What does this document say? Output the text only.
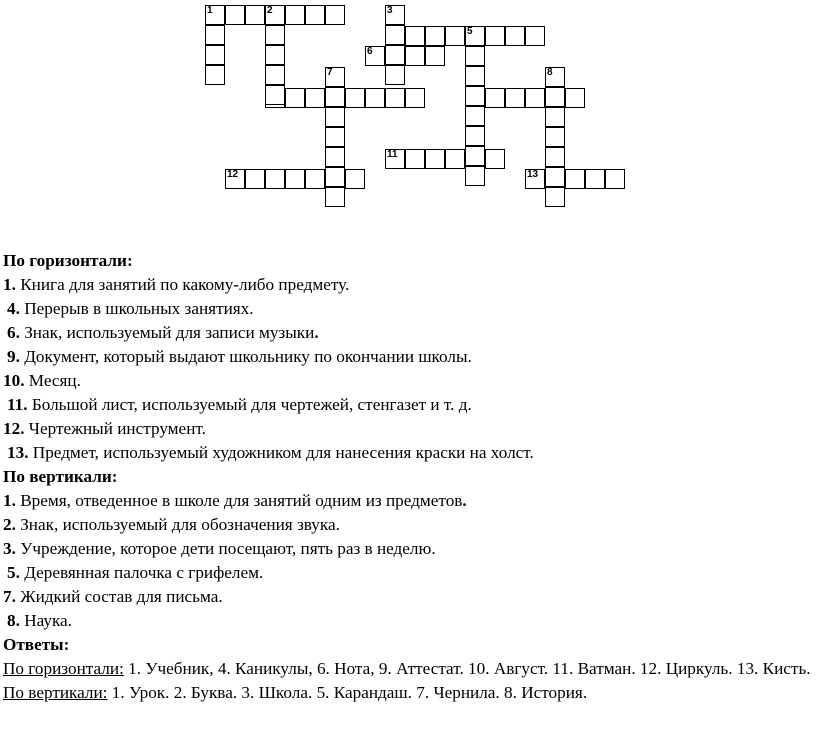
1	2
5
6
11
12	13
3
7	8
По горизонтали:
1. Книга для занятий по какому-либо предмету.
4. Перерыв в школьных занятиях.
6. Знак, используемый для записи музыки.
9. Документ, который выдают школьнику по окончании школы.
10. Месяц.
11. Большой лист, используемый для чертежей, стенгазет и т. д.
12. Чертежный инструмент.
13. Предмет, используемый художником для нанесения краски на холст.
По вертикали:
1. Время, отведенное в школе для занятий одним из предметов.
2. Знак, используемый для обозначения звука.
3. Учреждение, которое дети посещают, пять раз в неделю.
5. Деревянная палочка с грифелем.
7. Жидкий состав для письма.
8. Наука.
Ответы:
По горизонтали: 1. Учебник, 4. Каникулы, 6. Нота, 9. Аттестат. 10. Август. 11. Ватман. 12. Циркуль. 13. Кисть.
По вертикали: 1. Урок. 2. Буква. 3. Школа. 5. Карандаш. 7. Чернила. 8. История.
